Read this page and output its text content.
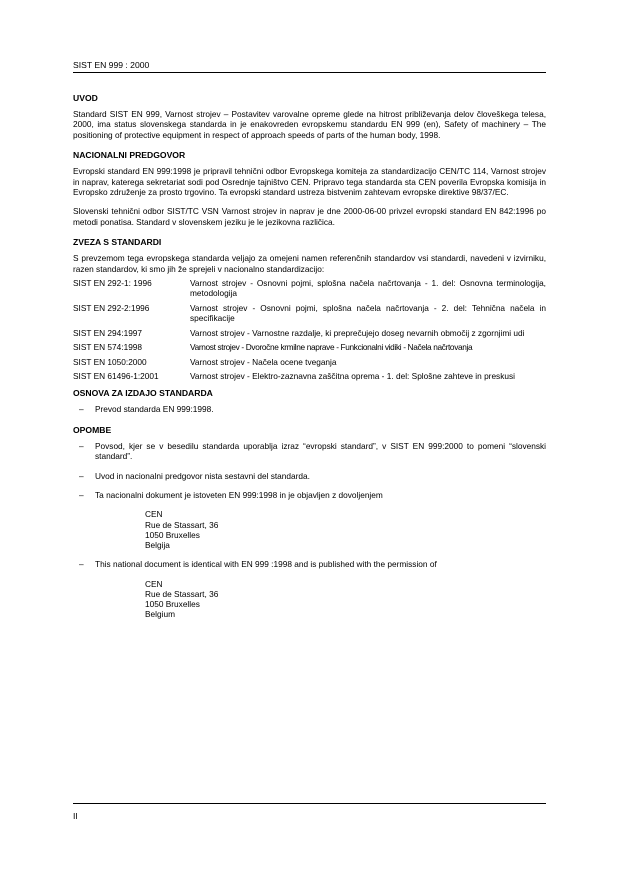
SIST EN 999 : 2000
UVOD

Standard SIST EN 999, Varnost strojev – Postavitev varovalne opreme glede na hitrost približevanja delov človeškega telesa, 2000, ima status slovenskega standarda in je enakovreden evropskemu standardu EN 999 (en), Safety of machinery – The positioning of protective equipment in respect of approach speeds of parts of the human body, 1998.

NACIONALNI PREDGOVOR

Evropski standard EN 999:1998 je pripravil tehnični odbor Evropskega komiteja za standardizacijo CEN/TC 114, Varnost strojev in naprav, katerega sekretariat sodi pod Osrednje tajništvo CEN. Pripravo tega standarda sta CEN poverila Evropska komisija in Evropsko združenje za prosto trgovino. Ta evropski standard ustreza bistvenim zahtevam evropske direktive 98/37/EC.

Slovenski tehnični odbor SIST/TC VSN Varnost strojev in naprav je dne 2000-06-00 privzel evropski standard EN 842:1996 po metodi ponatisa. Standard v slovenskem jeziku je le jezikovna različica.

ZVEZA S STANDARDI

S prevzemom tega evropskega standarda veljajo za omejeni namen referenčnih standardov vsi standardi, navedeni v izvirniku, razen standardov, ki smo jih že sprejeli v nacionalno standardizacijo:

SIST EN 292-1: 1996	Varnost strojev - Osnovni pojmi, splošna načela načrtovanja - 1. del: Osnovna terminologija, metodologija
SIST EN 292-2:1996	Varnost strojev - Osnovni pojmi, splošna načela načrtovanja - 2. del: Tehnična načela in specifikacije
SIST EN 294:1997	Varnost strojev - Varnostne razdalje, ki preprečujejo doseg nevarnih območij z zgornjimi udi
SIST EN 574:1998	Varnost strojev - Dvoročne krmilne naprave - Funkcionalni vidiki - Načela načrtovanja
SIST EN 1050:2000	Varnost strojev - Načela ocene tveganja
SIST EN 61496-1:2001	Varnost strojev - Elektro-zaznavna zaščitna oprema - 1. del: Splošne zahteve in preskusi
OSNOVA ZA IZDAJO STANDARDA
–	Prevod standarda EN 999:1998.
OPOMBE
–	Povsod, kjer se v besedilu standarda uporablja izraz “evropski standard”, v SIST EN 999:2000 to pomeni “slovenski standard”.
–	Uvod in nacionalni predgovor nista sestavni del standarda.
–	Ta nacionalni dokument je istoveten EN 999:1998 in je objavljen z dovoljenjem
CEN
Rue de Stassart, 36
1050 Bruxelles
Belgija
–	This national document is identical with EN 999 :1998 and is published with the permission of
CEN
Rue de Stassart, 36
1050 Bruxelles
Belgium
II
